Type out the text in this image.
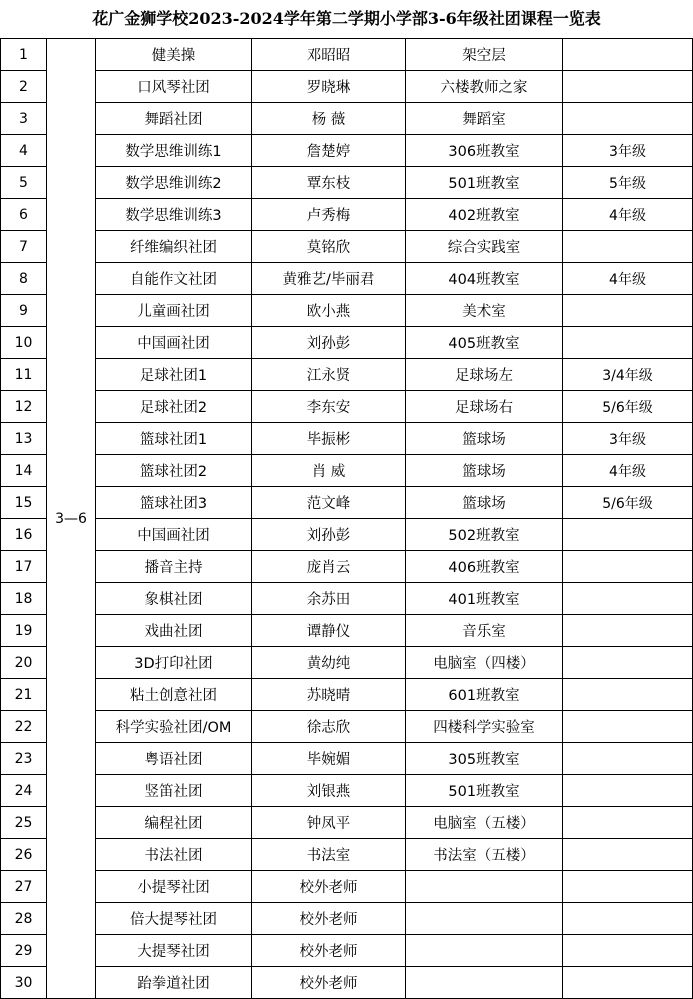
花广金狮学校2023-2024学年第二学期小学部3-6年级社团课程一览表
1	3—6	健美操	邓昭昭	架空层	
2		口风琴社团	罗晓琳	六楼教师之家	
3		舞蹈社团	杨 薇	舞蹈室	
4		数学思维训练1	詹楚婷	306班教室	3年级
5		数学思维训练2	覃东枝	501班教室	5年级
6		数学思维训练3	卢秀梅	402班教室	4年级
7		纤维编织社团	莫铭欣	综合实践室	
8		自能作文社团	黄雅艺/毕丽君	404班教室	4年级
9		儿童画社团	欧小燕	美术室	
10		中国画社团	刘孙彭	405班教室	
11		足球社团1	江永贤	足球场左	3/4年级
12		足球社团2	李东安	足球场右	5/6年级
13		篮球社团1	毕振彬	篮球场	3年级
14		篮球社团2	肖 威	篮球场	4年级
15		篮球社团3	范文峰	篮球场	5/6年级
16		中国画社团	刘孙彭	502班教室	
17		播音主持	庞肖云	406班教室	
18		象棋社团	余苏田	401班教室	
19		戏曲社团	谭静仪	音乐室	
20		3D打印社团	黄幼纯	电脑室（四楼）	
21		粘土创意社团	苏晓晴	601班教室	
22		科学实验社团/OM	徐志欣	四楼科学实验室	
23		粤语社团	毕婉媚	305班教室	
24		竖笛社团	刘银燕	501班教室	
25		编程社团	钟凤平	电脑室（五楼）	
26		书法社团	书法室	书法室（五楼）	
27		小提琴社团	校外老师		
28		倍大提琴社团	校外老师		
29		大提琴社团	校外老师		
30		跆拳道社团	校外老师		
